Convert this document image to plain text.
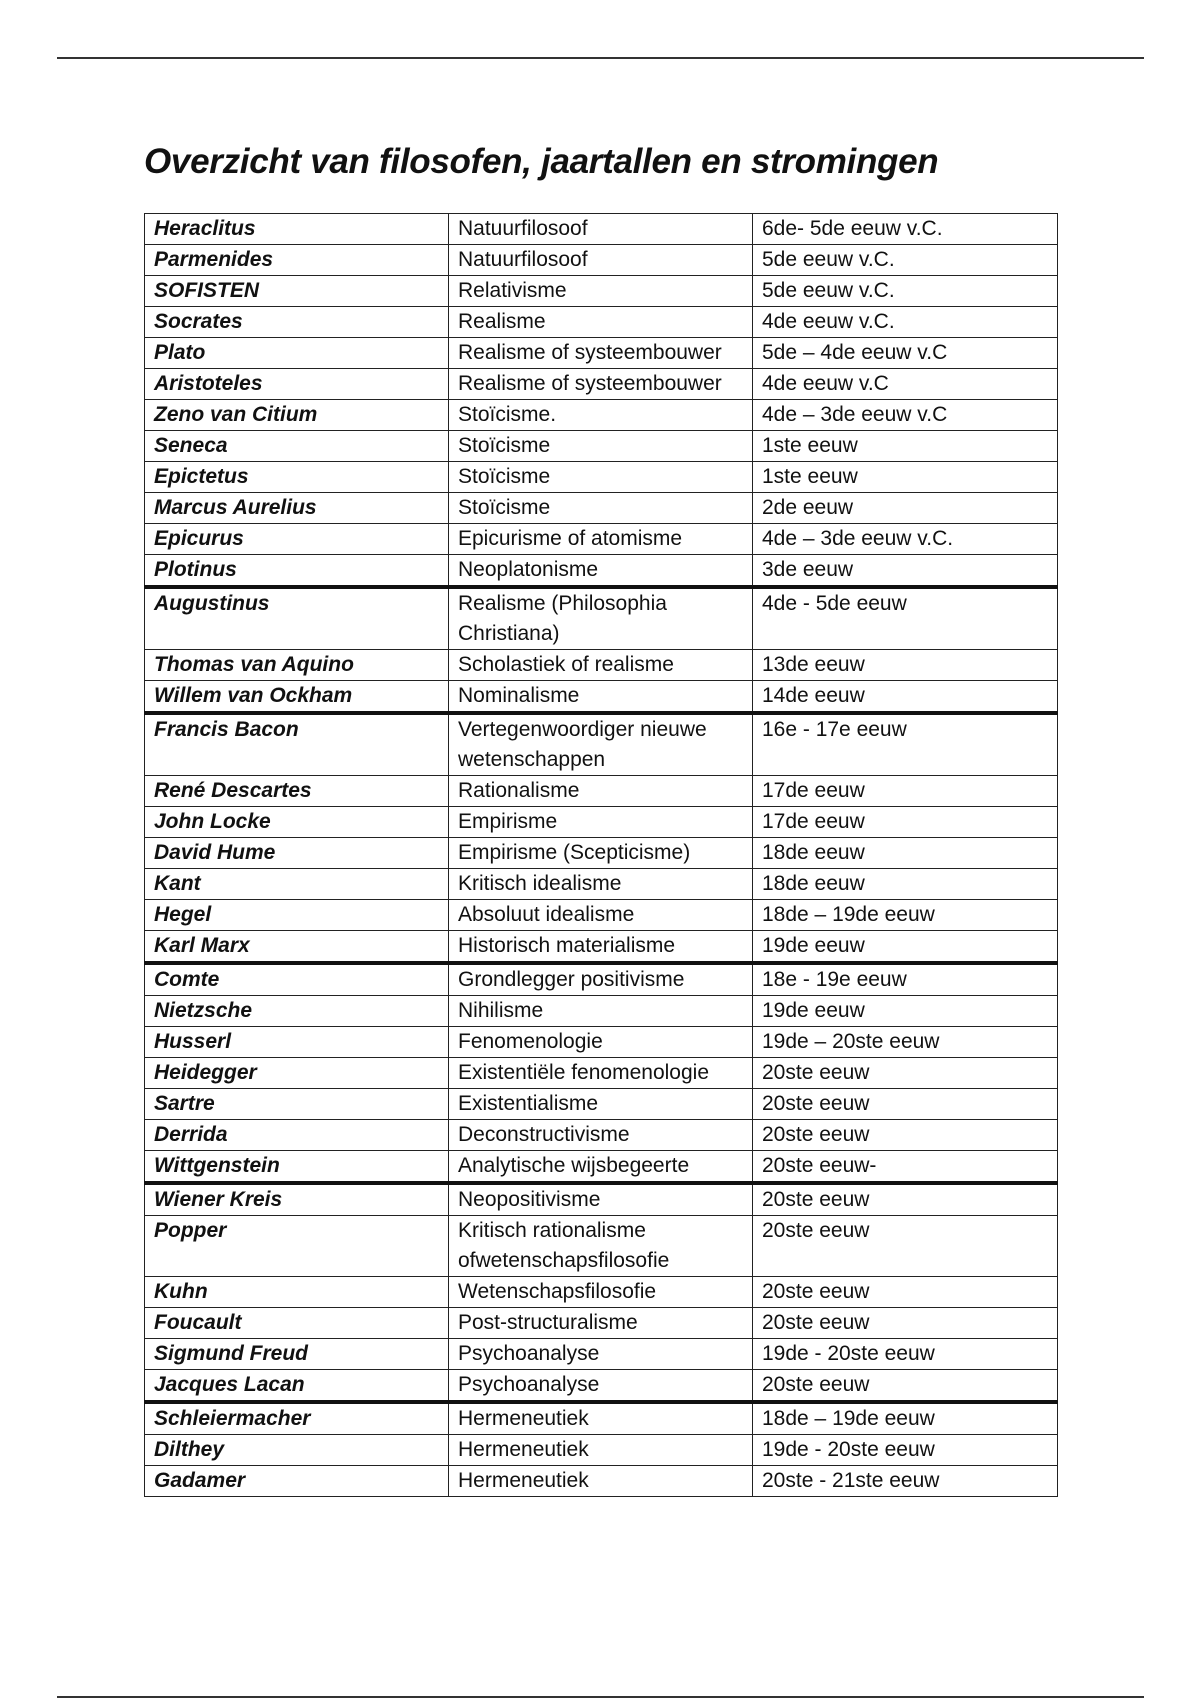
Overzicht van filosofen, jaartallen en stromingen
Heraclitus	Natuurfilosoof	6de- 5de eeuw v.C.
Parmenides	Natuurfilosoof	5de eeuw v.C.
SOFISTEN	Relativisme	5de eeuw v.C.
Socrates	Realisme	4de eeuw v.C.
Plato	Realisme of systeembouwer	5de – 4de eeuw v.C
Aristoteles	Realisme of systeembouwer	4de eeuw v.C
Zeno van Citium	Stoïcisme.	4de – 3de eeuw v.C
Seneca	Stoïcisme	1ste eeuw
Epictetus	Stoïcisme	1ste eeuw
Marcus Aurelius	Stoïcisme	2de eeuw
Epicurus	Epicurisme of atomisme	4de – 3de eeuw v.C.
Plotinus	Neoplatonisme	3de eeuw
Augustinus	Realisme (Philosophia Christiana)	4de - 5de eeuw
Thomas van Aquino	Scholastiek of realisme	13de eeuw
Willem van Ockham	Nominalisme	14de eeuw
Francis Bacon	Vertegenwoordiger nieuwe wetenschappen	16e - 17e eeuw
René Descartes	Rationalisme	17de eeuw
John Locke	Empirisme	17de eeuw
David Hume	Empirisme (Scepticisme)	18de eeuw
Kant	Kritisch idealisme	18de eeuw
Hegel	Absoluut idealisme	18de – 19de eeuw
Karl Marx	Historisch materialisme	19de eeuw
Comte	Grondlegger positivisme	18e - 19e eeuw
Nietzsche	Nihilisme	19de eeuw
Husserl	Fenomenologie	19de – 20ste eeuw
Heidegger	Existentiële fenomenologie	20ste eeuw
Sartre	Existentialisme	20ste eeuw
Derrida	Deconstructivisme	20ste eeuw
Wittgenstein	Analytische wijsbegeerte	20ste eeuw-
Wiener Kreis	Neopositivisme	20ste eeuw
Popper	Kritisch rationalisme ofwetenschapsfilosofie	20ste eeuw
Kuhn	Wetenschapsfilosofie	20ste eeuw
Foucault	Post-structuralisme	20ste eeuw
Sigmund Freud	Psychoanalyse	19de - 20ste eeuw
Jacques Lacan	Psychoanalyse	20ste eeuw
Schleiermacher	Hermeneutiek	18de – 19de eeuw
Dilthey	Hermeneutiek	19de - 20ste eeuw
Gadamer	Hermeneutiek	20ste - 21ste eeuw
